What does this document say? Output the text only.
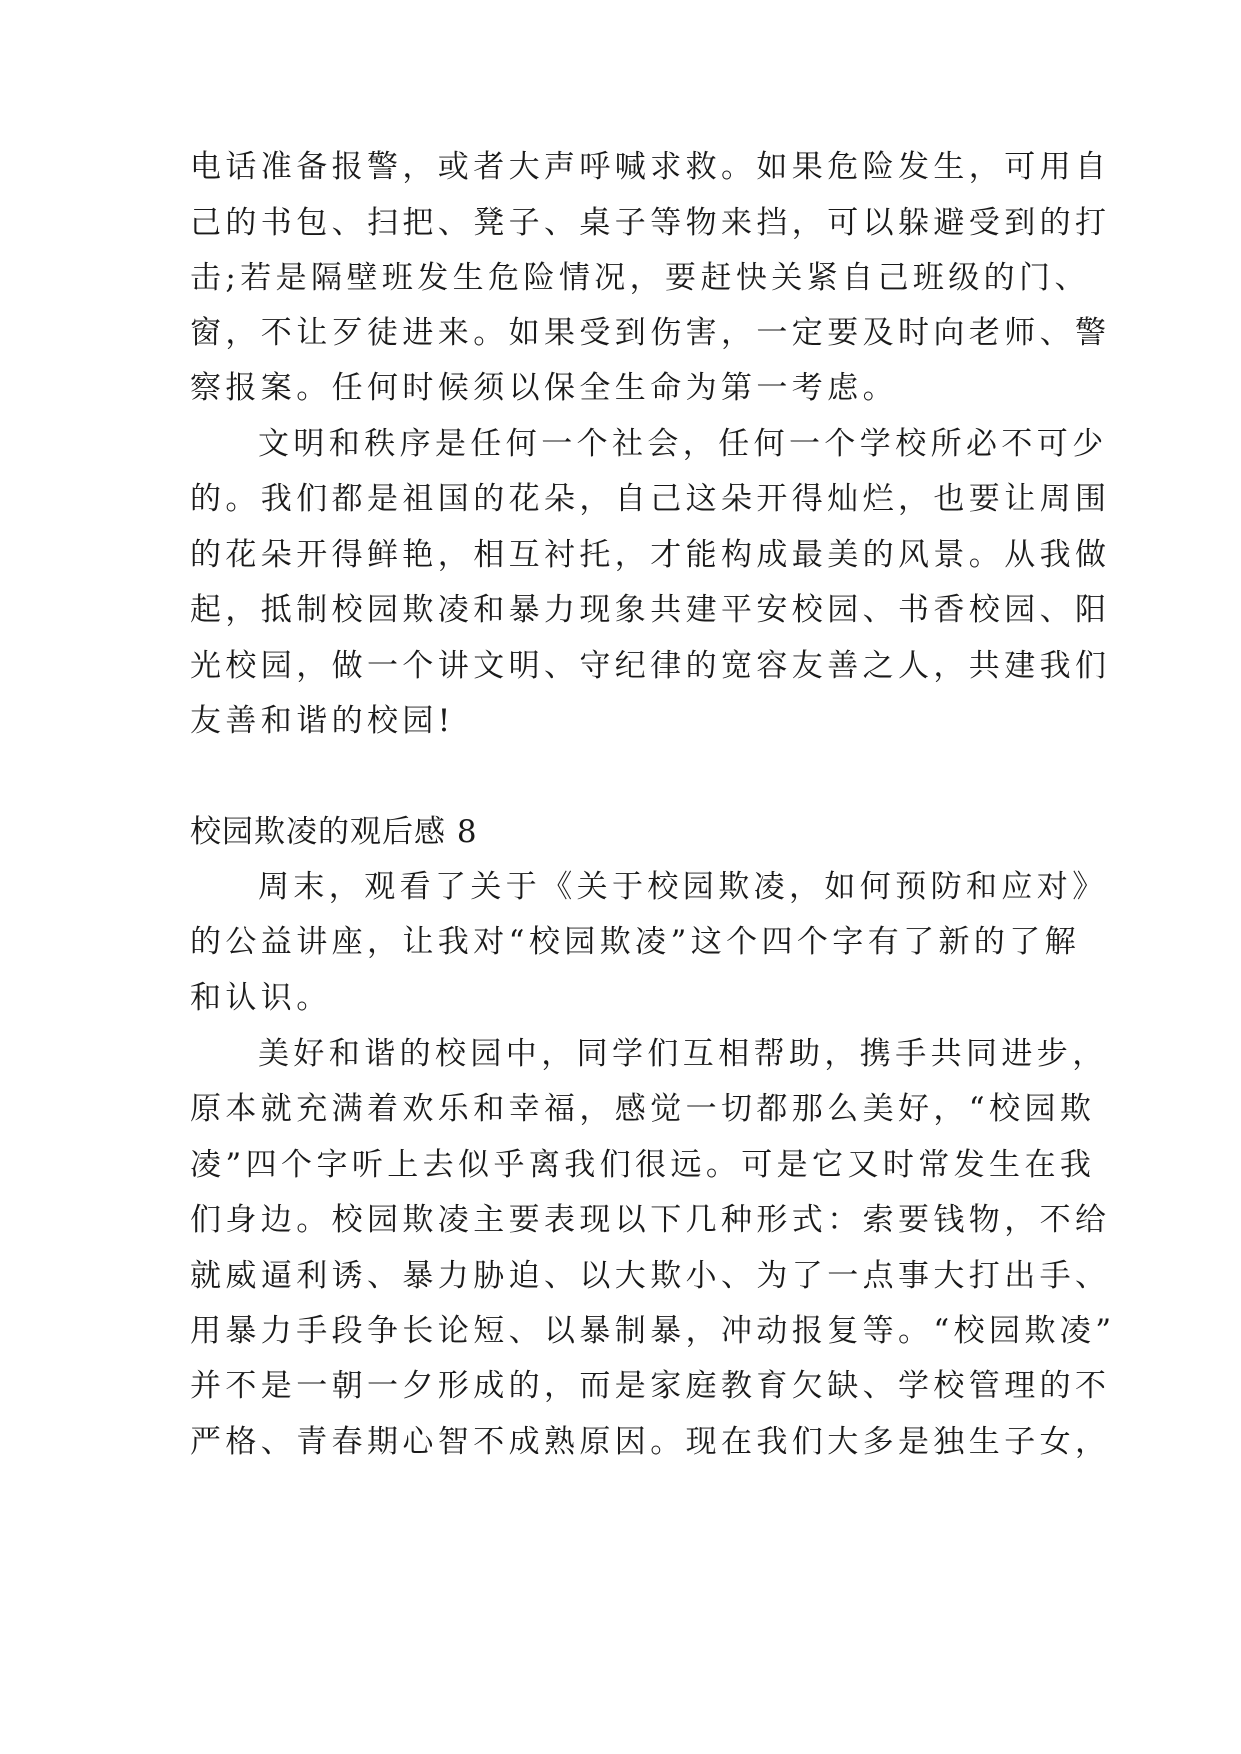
电话准备报警，或者大声呼喊求救。如果危险发生，可用自
己的书包、扫把、凳子、桌子等物来挡，可以躲避受到的打
击;若是隔壁班发生危险情况，要赶快关紧自己班级的门、
窗，不让歹徒进来。如果受到伤害，一定要及时向老师、警
察报案。任何时候须以保全生命为第一考虑。
文明和秩序是任何一个社会，任何一个学校所必不可少
的。我们都是祖国的花朵，自己这朵开得灿烂，也要让周围
的花朵开得鲜艳，相互衬托，才能构成最美的风景。从我做
起，抵制校园欺凌和暴力现象共建平安校园、书香校园、阳
光校园，做一个讲文明、守纪律的宽容友善之人，共建我们
友善和谐的校园!
校园欺凌的观后感 8
周末，观看了关于《关于校园欺凌，如何预防和应对》
的公益讲座，让我对“校园欺凌”这个四个字有了新的了解
和认识。
美好和谐的校园中，同学们互相帮助，携手共同进步，
原本就充满着欢乐和幸福，感觉一切都那么美好，“校园欺
凌”四个字听上去似乎离我们很远。可是它又时常发生在我
们身边。校园欺凌主要表现以下几种形式：索要钱物，不给
就威逼利诱、暴力胁迫、以大欺小、为了一点事大打出手、
用暴力手段争长论短、以暴制暴，冲动报复等。“校园欺凌”
并不是一朝一夕形成的，而是家庭教育欠缺、学校管理的不
严格、青春期心智不成熟原因。现在我们大多是独生子女，
